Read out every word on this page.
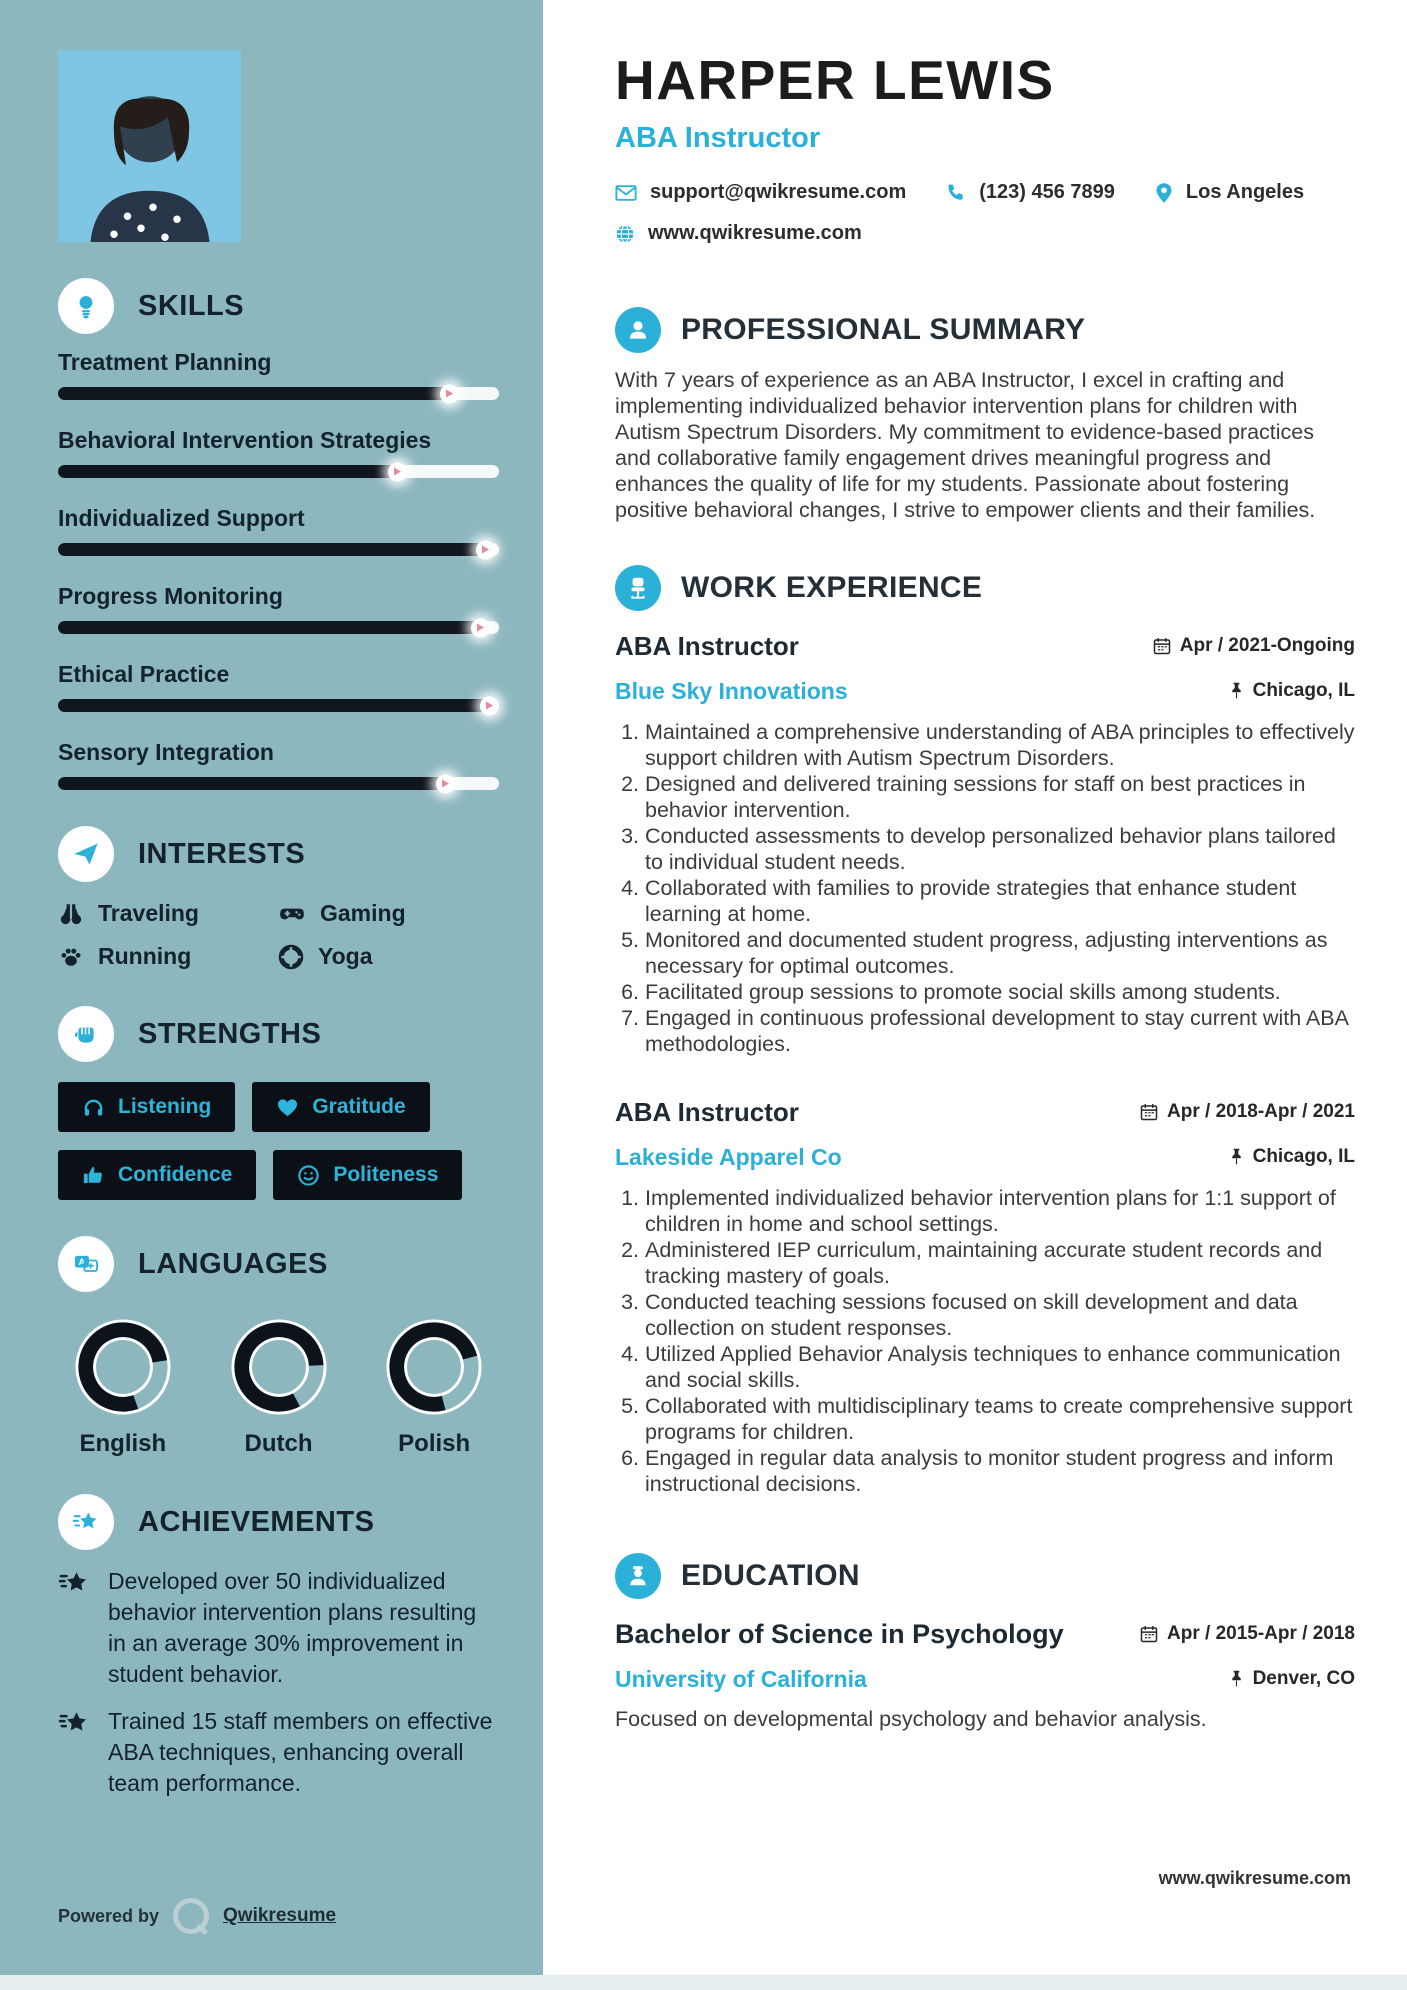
SKILLS
Treatment Planning
Behavioral Intervention Strategies
Individualized Support
Progress Monitoring
Ethical Practice
Sensory Integration
INTERESTS
Traveling	Gaming
Running	Yoga
STRENGTHS
Listening	Gratitude
Confidence	Politeness
A LANGUAGES
English	Dutch	Polish
ACHIEVEMENTS
Developed over 50 individualized behavior intervention plans resulting in an average 30% improvement in student behavior.
Trained 15 staff members on effective ABA techniques, enhancing overall team performance.
HARPER LEWIS
ABA Instructor
support@qwikresume.com	(123) 456 7899	Los Angeles
www.qwikresume.com
PROFESSIONAL SUMMARY

With 7 years of experience as an ABA Instructor, I excel in crafting and implementing individualized behavior intervention plans for children with Autism Spectrum Disorders. My commitment to evidence-based practices and collaborative family engagement drives meaningful progress and enhances the quality of life for my students. Passionate about fostering positive behavioral changes, I strive to empower clients and their families.

WORK EXPERIENCE
ABA Instructor	Apr / 2021-Ongoing
Blue Sky Innovations	Chicago, IL
1. Maintained a comprehensive understanding of ABA principles to effectively support children with Autism Spectrum Disorders.
2. Designed and delivered training sessions for staff on best practices in behavior intervention.
3. Conducted assessments to develop personalized behavior plans tailored to individual student needs.
4. Collaborated with families to provide strategies that enhance student learning at home.
5. Monitored and documented student progress, adjusting interventions as necessary for optimal outcomes.
6. Facilitated group sessions to promote social skills among students.
7. Engaged in continuous professional development to stay current with ABA methodologies.
ABA Instructor	Apr / 2018-Apr / 2021
Lakeside Apparel Co	Chicago, IL
1. Implemented individualized behavior intervention plans for 1:1 support of children in home and school settings.
2. Administered IEP curriculum, maintaining accurate student records and tracking mastery of goals.
3. Conducted teaching sessions focused on skill development and data collection on student responses.
4. Utilized Applied Behavior Analysis techniques to enhance communication and social skills.
5. Collaborated with multidisciplinary teams to create comprehensive support programs for children.
6. Engaged in regular data analysis to monitor student progress and inform instructional decisions.
EDUCATION
Bachelor of Science in Psychology	Apr / 2015-Apr / 2018
University of California	Denver, CO

Focused on developmental psychology and behavior analysis.

Powered by	Qwikresume
www.qwikresume.com
